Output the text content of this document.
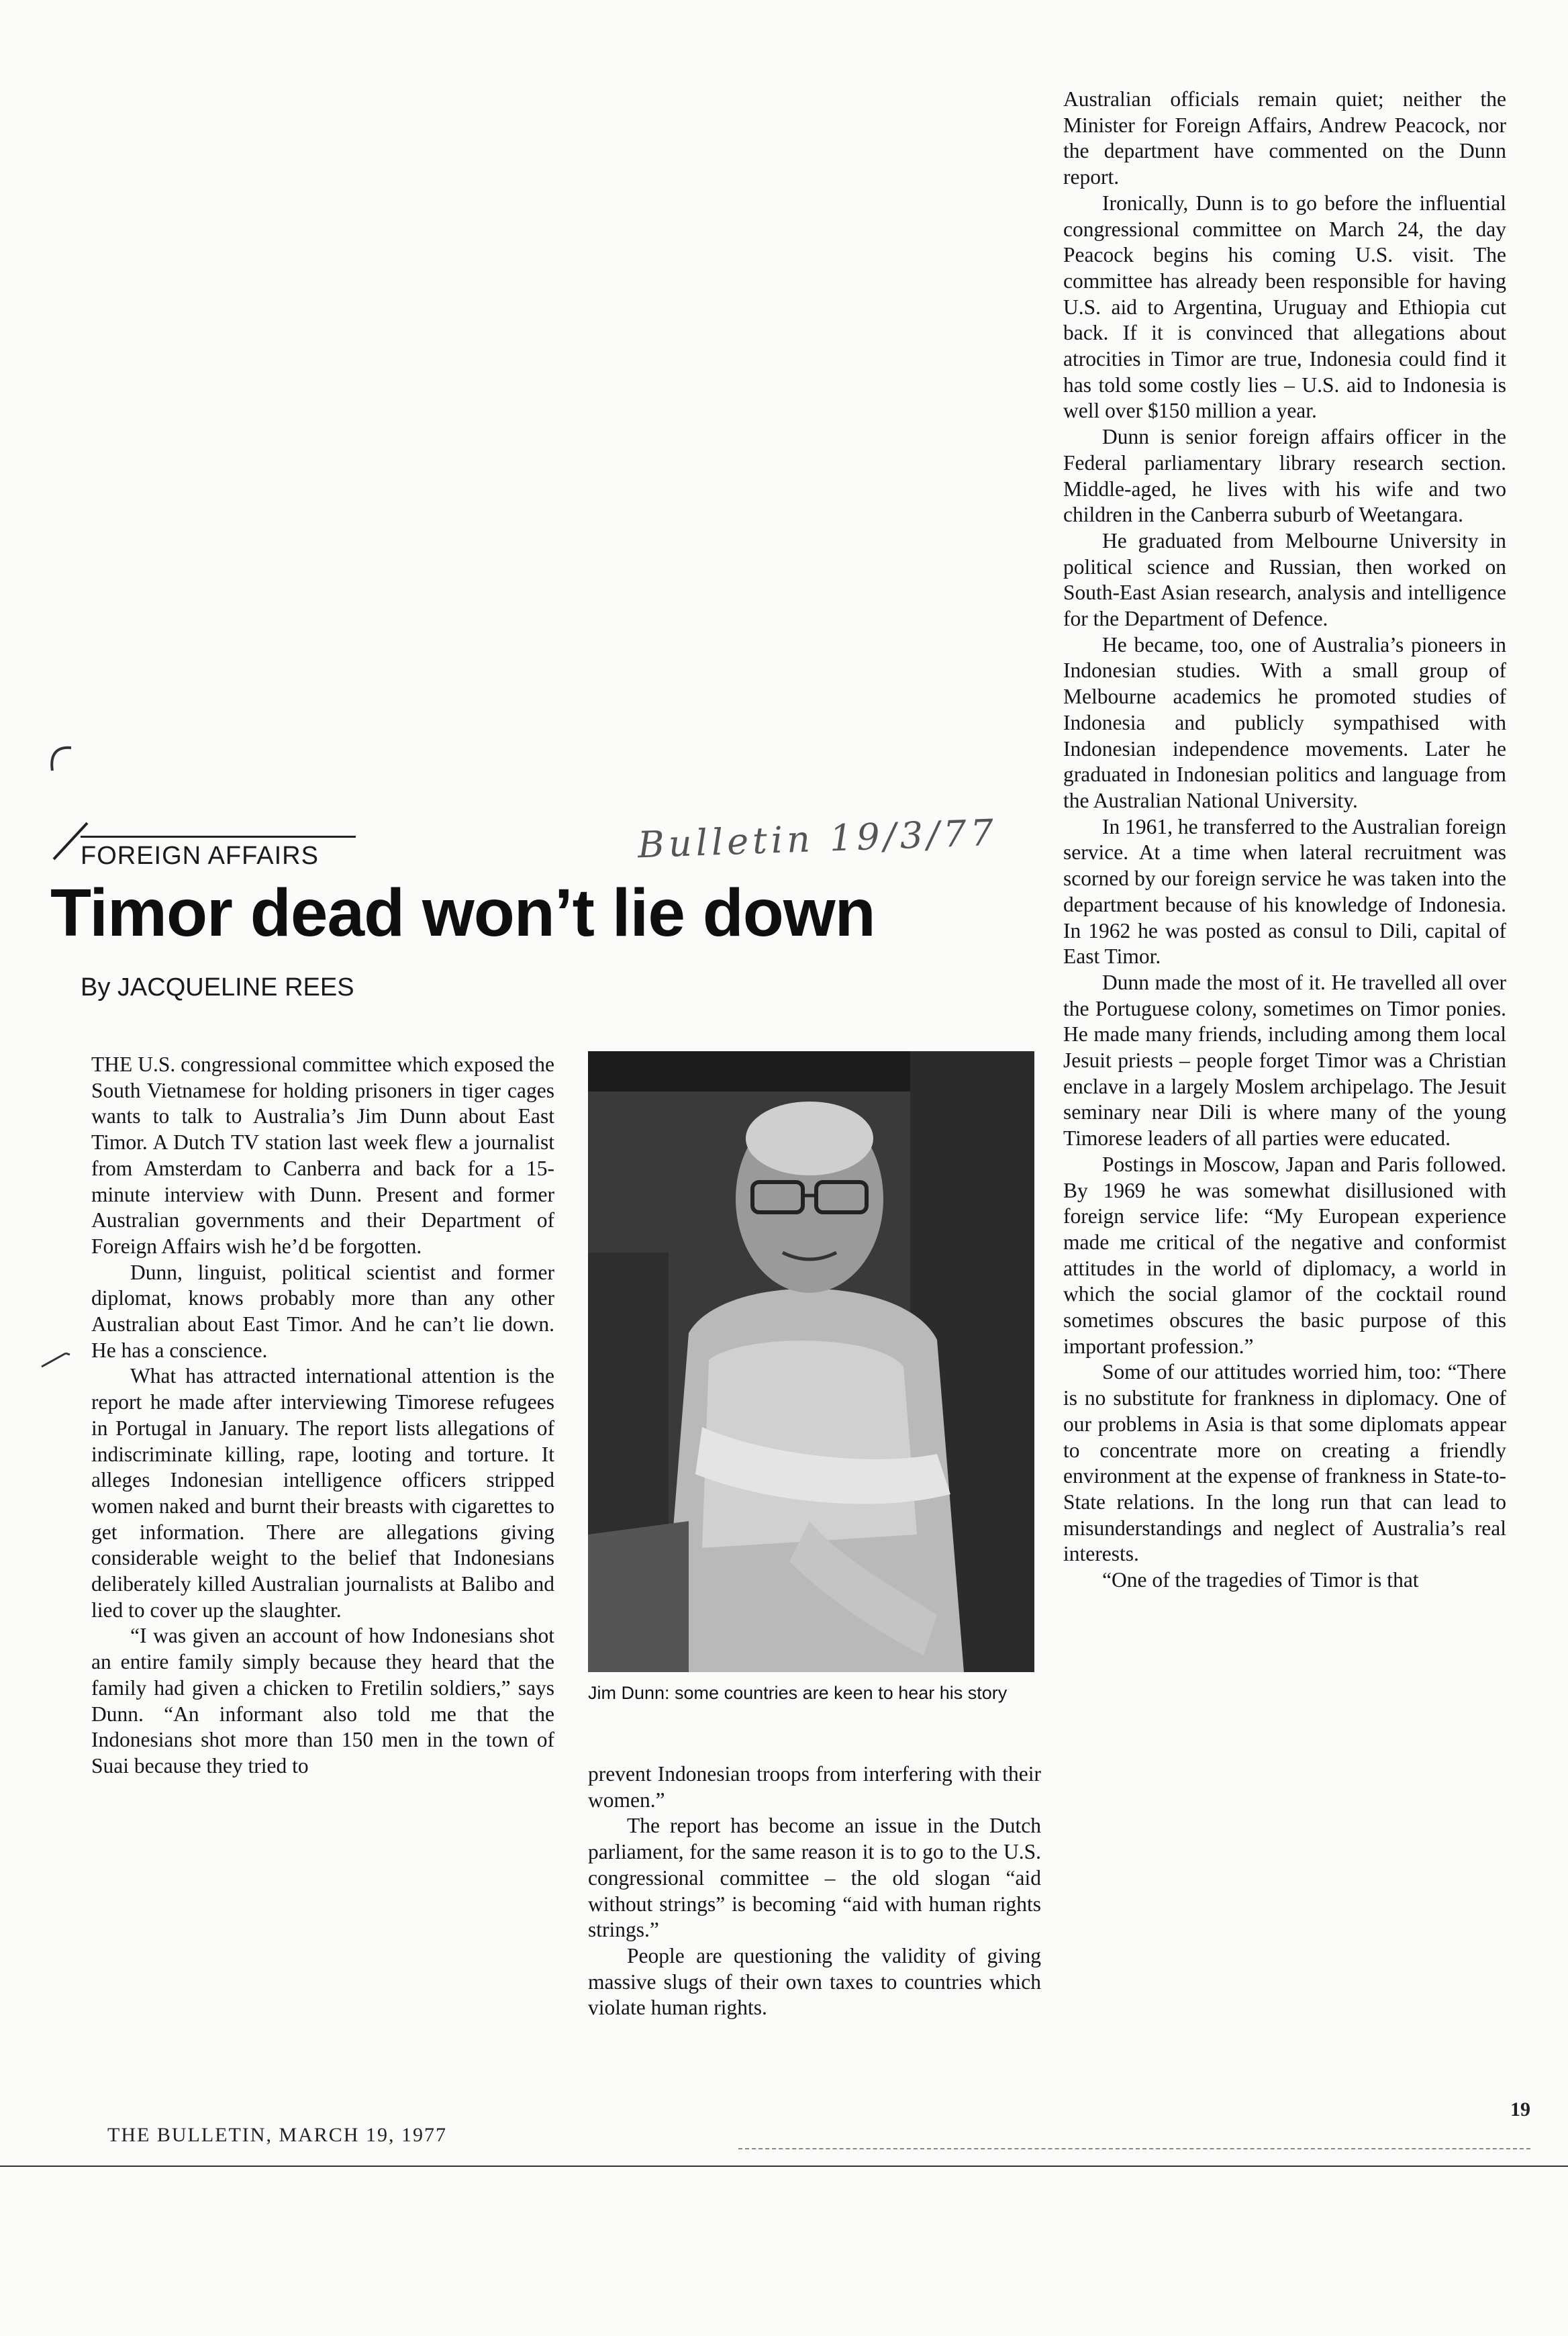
FOREIGN AFFAIRS	Bulletin 19/3/77
Timor dead won’t lie down
By JACQUELINE REES

THE U.S. congressional committee which exposed the South Vietnamese for holding prisoners in tiger cages wants to talk to Australia’s Jim Dunn about East Timor. A Dutch TV station last week flew a journalist from Amsterdam to Canberra and back for a 15-minute interview with Dunn. Present and former Australian governments and their Department of Foreign Affairs wish he’d be forgotten.

Dunn, linguist, political scientist and former diplomat, knows probably more than any other Australian about East Timor. And he can’t lie down. He has a conscience.

What has attracted international attention is the report he made after interviewing Timorese refugees in Portugal in January. The report lists allegations of indiscriminate killing, rape, looting and torture. It alleges Indonesian intelligence officers stripped women naked and burnt their breasts with cigarettes to get information. There are allegations giving considerable weight to the belief that Indonesians deliberately killed Australian journalists at Balibo and lied to cover up the slaughter.

“I was given an account of how Indonesians shot an entire family simply because they heard that the family had given a chicken to Fretilin soldiers,” says Dunn. “An informant also told me that the Indonesians shot more than 150 men in the town of Suai because they tried to

Jim Dunn: some countries are keen to hear his story

prevent Indonesian troops from interfering with their women.”

The report has become an issue in the Dutch parliament, for the same reason it is to go to the U.S. congressional committee – the old slogan “aid without strings” is becoming “aid with human rights strings.”

People are questioning the validity of giving massive slugs of their own taxes to countries which violate human rights.

Australian officials remain quiet; neither the Minister for Foreign Affairs, Andrew Peacock, nor the department have commented on the Dunn report.

Ironically, Dunn is to go before the influential congressional committee on March 24, the day Peacock begins his coming U.S. visit. The committee has already been responsible for having U.S. aid to Argentina, Uruguay and Ethiopia cut back. If it is convinced that allegations about atrocities in Timor are true, Indonesia could find it has told some costly lies – U.S. aid to Indonesia is well over $150 million a year.

Dunn is senior foreign affairs officer in the Federal parliamentary library research section. Middle-aged, he lives with his wife and two children in the Canberra suburb of Weetangara.

He graduated from Melbourne University in political science and Russian, then worked on South-East Asian research, analysis and intelligence for the Department of Defence.

He became, too, one of Australia’s pioneers in Indonesian studies. With a small group of Melbourne academics he promoted studies of Indonesia and publicly sympathised with Indonesian independence movements. Later he graduated in Indonesian politics and language from the Australian National University.

In 1961, he transferred to the Australian foreign service. At a time when lateral recruitment was scorned by our foreign service he was taken into the department because of his knowledge of Indonesia. In 1962 he was posted as consul to Dili, capital of East Timor.

Dunn made the most of it. He travelled all over the Portuguese colony, sometimes on Timor ponies. He made many friends, including among them local Jesuit priests – people forget Timor was a Christian enclave in a largely Moslem archipelago. The Jesuit seminary near Dili is where many of the young Timorese leaders of all parties were educated.

Postings in Moscow, Japan and Paris followed. By 1969 he was somewhat disillusioned with foreign service life: “My European experience made me critical of the negative and conformist attitudes in the world of diplomacy, a world in which the social glamor of the cocktail round sometimes obscures the basic purpose of this important profession.”

Some of our attitudes worried him, too: “There is no substitute for frankness in diplomacy. One of our problems in Asia is that some diplomats appear to concentrate more on creating a friendly environment at the expense of frankness in State-to-State relations. In the long run that can lead to misunderstandings and neglect of Australia’s real interests.

“One of the tragedies of Timor is that

THE BULLETIN, MARCH 19, 1977
19
